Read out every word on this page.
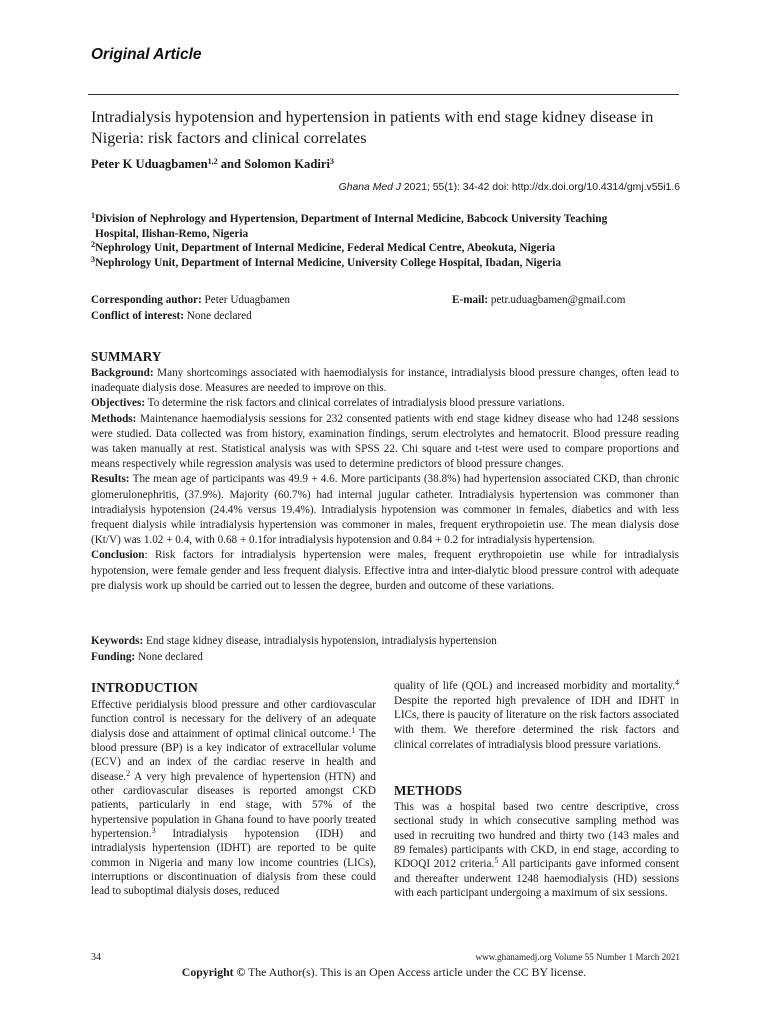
Original Article
Intradialysis hypotension and hypertension in patients with end stage kidney disease in Nigeria: risk factors and clinical correlates
Peter K Uduagbamen$^{1,2}$ and Solomon Kadiri$^3$
Ghana Med J 2021; 55(1): 34-42 doi: http://dx.doi.org/10.4314/gmj.v55i1.6
$^1$Division of Nephrology and Hypertension, Department of Internal Medicine, Babcock University Teaching
Hospital, Ilishan-Remo, Nigeria
$^2$Nephrology Unit, Department of Internal Medicine, Federal Medical Centre, Abeokuta, Nigeria
$^3$Nephrology Unit, Department of Internal Medicine, University College Hospital, Ibadan, Nigeria
Corresponding author: Peter Uduagbamen	E-mail: petr.uduagbamen@gmail.com
Conflict of interest: None declared
SUMMARY

Background: Many shortcomings associated with haemodialysis for instance, intradialysis blood pressure changes, often lead to inadequate dialysis dose. Measures are needed to improve on this.

Objectives: To determine the risk factors and clinical correlates of intradialysis blood pressure variations.

Methods: Maintenance haemodialysis sessions for 232 consented patients with end stage kidney disease who had 1248 sessions were studied. Data collected was from history, examination findings, serum electrolytes and hematocrit. Blood pressure reading was taken manually at rest. Statistical analysis was with SPSS 22. Chi square and t-test were used to compare proportions and means respectively while regression analysis was used to determine predictors of blood pressure changes.

Results: The mean age of participants was 49.9 + 4.6. More participants (38.8%) had hypertension associated CKD, than chronic glomerulonephritis, (37.9%). Majority (60.7%) had internal jugular catheter. Intradialysis hypertension was commoner than intradialysis hypotension (24.4% versus 19.4%). Intradialysis hypotension was commoner in females, diabetics and with less frequent dialysis while intradialysis hypertension was commoner in males, frequent erythropoietin use. The mean dialysis dose (Kt/V) was 1.02 + 0.4, with 0.68 + 0.1for intradialysis hypotension and 0.84 + 0.2 for intradialysis hypertension.

Conclusion: Risk factors for intradialysis hypertension were males, frequent erythropoietin use while for intradialysis hypotension, were female gender and less frequent dialysis. Effective intra and inter-dialytic blood pressure control with adequate pre dialysis work up should be carried out to lessen the degree, burden and outcome of these variations.

Keywords: End stage kidney disease, intradialysis hypotension, intradialysis hypertension

Funding: None declared

INTRODUCTION
Effective peridialysis blood pressure and other cardiovascular function control is necessary for the delivery of an adequate dialysis dose and attainment of optimal clinical outcome.$^1$ The blood pressure (BP) is a key indicator of extracellular volume (ECV) and an index of the cardiac reserve in health and disease.$^2$ A very high prevalence of hypertension (HTN) and other cardiovascular diseases is reported amongst CKD patients, particularly in end stage, with 57% of the hypertensive population in Ghana found to have poorly treated hypertension.$^3$ Intradialysis hypotension (IDH) and intradialysis hypertension (IDHT) are reported to be quite common in Nigeria and many low income countries (LICs), interruptions or discontinuation of dialysis from these could lead to suboptimal dialysis doses, reduced
quality of life (QOL) and increased morbidity and mortality.$^4$ Despite the reported high prevalence of IDH and IDHT in LICs, there is paucity of literature on the risk factors associated with them. We therefore determined the risk factors and clinical correlates of intradialysis blood pressure variations.
METHODS
This was a hospital based two centre descriptive, cross sectional study in which consecutive sampling method was used in recruiting two hundred and thirty two (143 males and 89 females) participants with CKD, in end stage, according to KDOQI 2012 criteria.$^5$ All participants gave informed consent and thereafter underwent 1248 haemodialysis (HD) sessions with each participant undergoing a maximum of six sessions.
34	www.ghanamedj.org Volume 55 Number 1 March 2021
Copyright © The Author(s). This is an Open Access article under the CC BY license.
